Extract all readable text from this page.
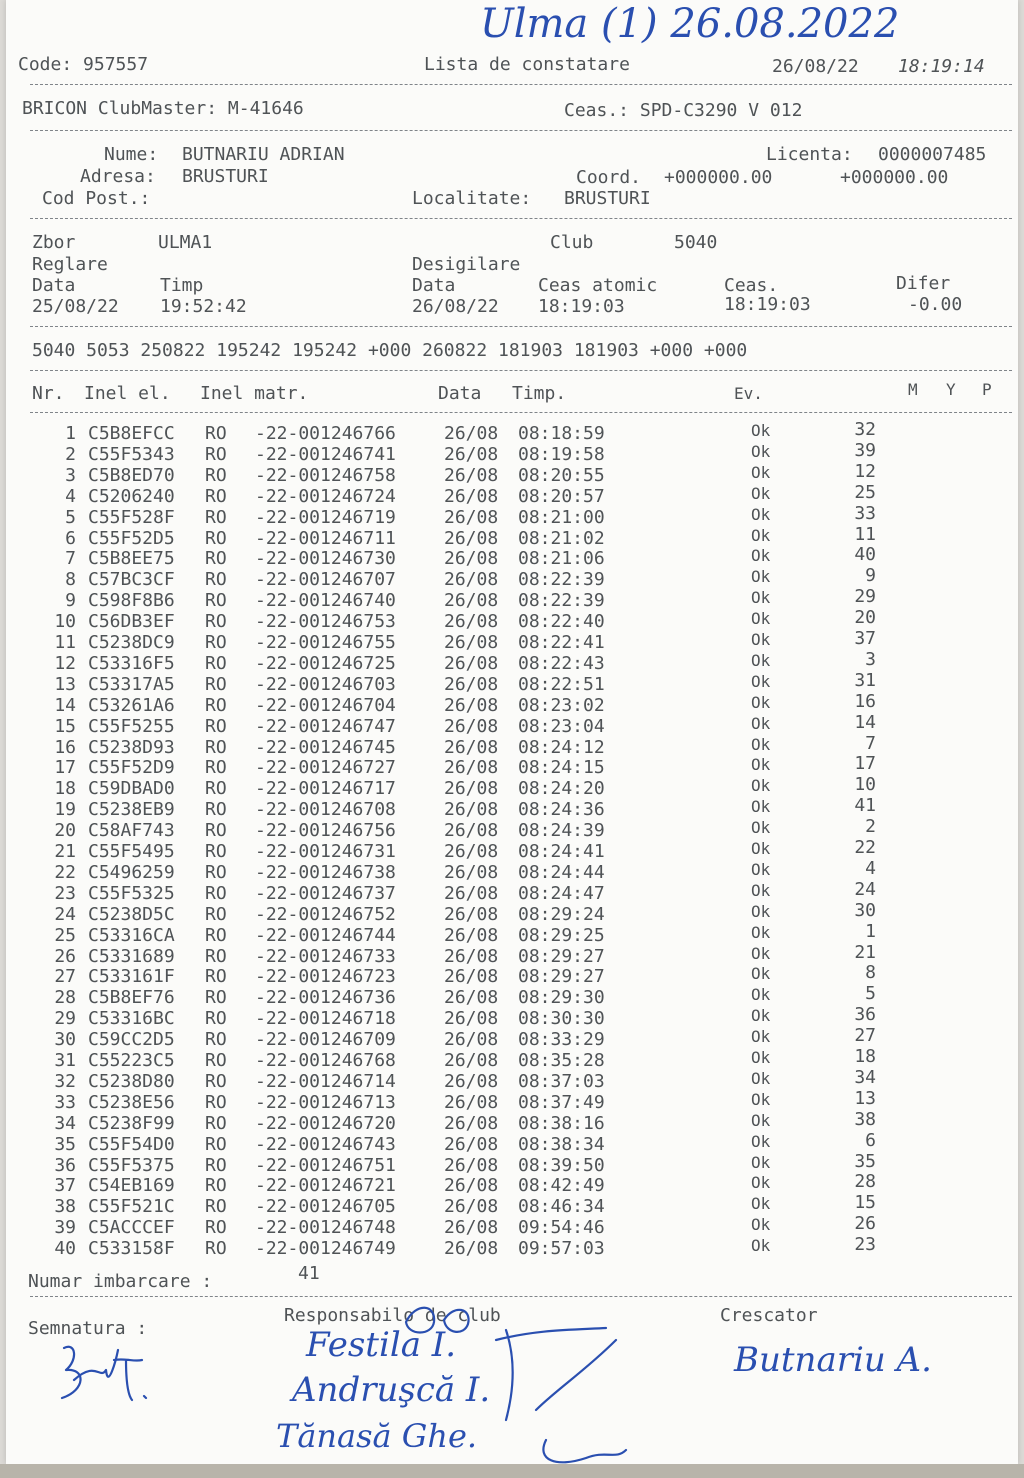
Ulma (1) 26.08.2022
Code: 957557	Lista de constatare	26/08/22 18:19:14
BRICON ClubMaster: M-41646	Ceas.: SPD-C3290 V 012
Nume: BUTNARIU ADRIAN	Licenta: 0000007485
Adresa: BRUSTURI	Coord. +000000.00	+000000.00
Cod Post.:	Localitate: BRUSTURI
Zbor	ULMA1	Club	5040
Reglare	Desigilare
Data	Timp	Data	Ceas atomic	Ceas.	Difer
25/08/22 19:52:42	26/08/22 18:19:03	18:19:03	-0.00
5040 5053 250822 195242 195242 +000 260822 181903 181903 +000 +000
Nr. Inel el. Inel matr.	Data Timp.	Ev.	M Y P
1 C5B8EFCC RO -22-001246766	26/08 08:18:59	Ok	32
2 C55F5343 RO -22-001246741	26/08 08:19:58	Ok	39
3 C5B8ED70 RO -22-001246758	26/08 08:20:55	Ok	12
4 C5206240 RO -22-001246724	26/08 08:20:57	Ok	25
5 C55F528F RO -22-001246719	26/08 08:21:00	Ok	33
6 C55F52D5 RO -22-001246711	26/08 08:21:02	Ok	11
7 C5B8EE75 RO -22-001246730	26/08 08:21:06	Ok	40
8 C57BC3CF RO -22-001246707	26/08 08:22:39	Ok	9
9 C598F8B6 RO -22-001246740	26/08 08:22:39	Ok	29
10 C56DB3EF RO -22-001246753	26/08 08:22:40	Ok	20
11 C5238DC9 RO -22-001246755	26/08 08:22:41	Ok	37
12 C53316F5 RO -22-001246725	26/08 08:22:43	Ok	3
13 C53317A5 RO -22-001246703	26/08 08:22:51	Ok	31
14 C53261A6 RO -22-001246704	26/08 08:23:02	Ok	16
15 C55F5255 RO -22-001246747	26/08 08:23:04	Ok	14
16 C5238D93 RO -22-001246745	26/08 08:24:12	Ok	7
17 C55F52D9 RO -22-001246727	26/08 08:24:15	Ok	17
18 C59DBAD0 RO -22-001246717	26/08 08:24:20	Ok	10
19 C5238EB9 RO -22-001246708	26/08 08:24:36	Ok	41
20 C58AF743 RO -22-001246756	26/08 08:24:39	Ok	2
21 C55F5495 RO -22-001246731	26/08 08:24:41	Ok	22
22 C5496259 RO -22-001246738	26/08 08:24:44	Ok	4
23 C55F5325 RO -22-001246737	26/08 08:24:47	Ok	24
24 C5238D5C RO -22-001246752	26/08 08:29:24	Ok	30
25 C53316CA RO -22-001246744	26/08 08:29:25	Ok	1
26 C5331689 RO -22-001246733	26/08 08:29:27	Ok	21
27 C533161F RO -22-001246723	26/08 08:29:27	Ok	8
28 C5B8EF76 RO -22-001246736	26/08 08:29:30	Ok	5
29 C53316BC RO -22-001246718	26/08 08:30:30	Ok	36
30 C59CC2D5 RO -22-001246709	26/08 08:33:29	Ok	27
31 C55223C5 RO -22-001246768	26/08 08:35:28	Ok	18
32 C5238D80 RO -22-001246714	26/08 08:37:03	Ok	34
33 C5238E56 RO -22-001246713	26/08 08:37:49	Ok	13
34 C5238F99 RO -22-001246720	26/08 08:38:16	Ok	38
35 C55F54D0 RO -22-001246743	26/08 08:38:34	Ok	6
36 C55F5375 RO -22-001246751	26/08 08:39:50	Ok	35
37 C54EB169 RO -22-001246721	26/08 08:42:49	Ok	28
38 C55F521C RO -22-001246705	26/08 08:46:34	Ok	15
39 C5ACCCEF RO -22-001246748	26/08 09:54:46	Ok	26
40 C533158F RO -22-001246749	26/08 09:57:03	Ok	23
Numar imbarcare :	41
Semnatura :
Responsabilo de club	Crescator
Festila I.
Andruşcă I.
Tănasă Ghe.
Butnariu A.
